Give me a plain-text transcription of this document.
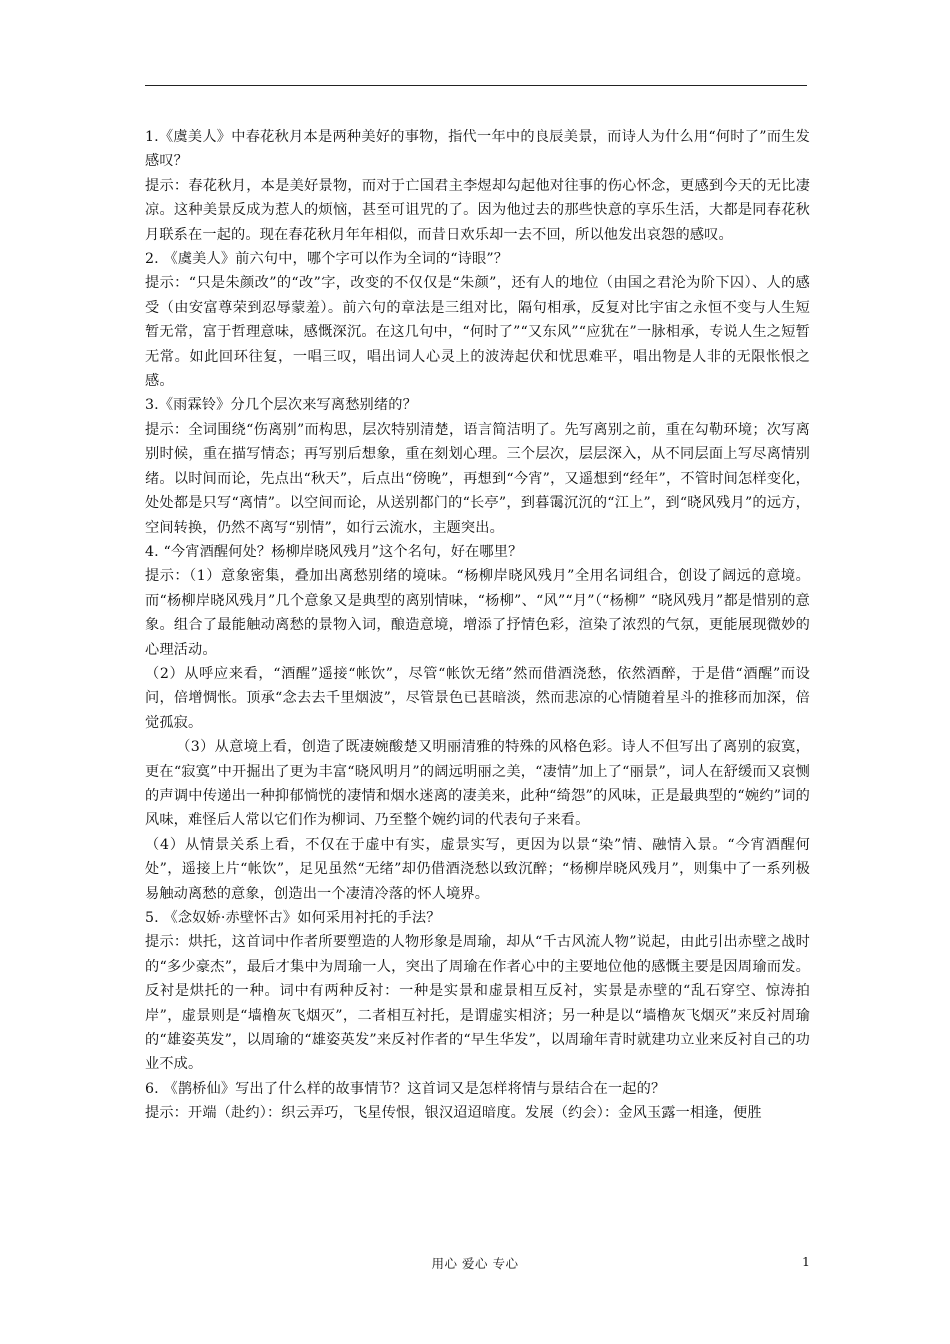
1.《虞美人》中春花秋月本是两种美好的事物，指代一年中的良辰美景，而诗人为什么用“何时了”而生发感叹？

提示：春花秋月，本是美好景物，而对于亡国君主李煜却勾起他对往事的伤心怀念，更感到今天的无比凄凉。这种美景反成为惹人的烦恼，甚至可诅咒的了。因为他过去的那些快意的享乐生活，大都是同春花秋月联系在一起的。现在春花秋月年年相似，而昔日欢乐却一去不回，所以他发出哀怨的感叹。

2. 《虞美人》前六句中，哪个字可以作为全词的“诗眼”？

提示：“只是朱颜改”的“改”字，改变的不仅仅是“朱颜”，还有人的地位（由国之君沦为阶下囚）、人的感受（由安富尊荣到忍辱蒙羞）。前六句的章法是三组对比，隔句相承，反复对比宇宙之永恒不变与人生短暂无常，富于哲理意味，感慨深沉。在这几句中，“何时了”“又东风”“应犹在”一脉相承，专说人生之短暂无常。如此回环往复，一唱三叹，唱出词人心灵上的波涛起伏和忧思难平，唱出物是人非的无限怅恨之感。

3.《雨霖铃》分几个层次来写离愁别绪的？

提示：全词围绕“伤离别”而构思，层次特别清楚，语言简洁明了。先写离别之前，重在勾勒环境；次写离别时候，重在描写情态；再写别后想象，重在刻划心理。三个层次，层层深入，从不同层面上写尽离情别绪。以时间而论，先点出“秋天”，后点出“傍晚”，再想到“今宵”，又遥想到“经年”，不管时间怎样变化，处处都是只写“离情”。以空间而论，从送别都门的“长亭”，到暮霭沉沉的“江上”，到“晓风残月”的远方，空间转换，仍然不离写“别情”，如行云流水，主题突出。

4. “今宵酒醒何处？杨柳岸晓风残月”这个名句，好在哪里？

提示：（1）意象密集，叠加出离愁别绪的境味。“杨柳岸晓风残月”全用名词组合，创设了阔远的意境。而“杨柳岸晓风残月”几个意象又是典型的离别情味，“杨柳”、“风”“月”（“杨柳” “晓风残月”都是惜别的意象。组合了最能触动离愁的景物入词，酿造意境，增添了抒情色彩，渲染了浓烈的气氛，更能展现微妙的心理活动。

（2）从呼应来看，“酒醒”遥接“帐饮”，尽管“帐饮无绪”然而借酒浇愁，依然酒醉，于是借“酒醒”而设问，倍增惆怅。顶承“念去去千里烟波”，尽管景色已甚暗淡，然而悲凉的心情随着星斗的推移而加深，倍觉孤寂。

（3）从意境上看，创造了既凄婉酸楚又明丽清雅的特殊的风格色彩。诗人不但写出了离别的寂寞，更在“寂寞”中开掘出了更为丰富“晓风明月”的阔远明丽之美，“凄情”加上了“丽景”，词人在舒缓而又哀恻的声调中传递出一种抑郁惝恍的凄情和烟水迷离的凄美来，此种“绮怨”的风味，正是最典型的“婉约”词的风味，难怪后人常以它们作为柳词、乃至整个婉约词的代表句子来看。

（4）从情景关系上看，不仅在于虚中有实，虚景实写，更因为以景“染”情、融情入景。“今宵酒醒何处”，遥接上片“帐饮”，足见虽然“无绪”却仍借酒浇愁以致沉醉；“杨柳岸晓风残月”，则集中了一系列极易触动离愁的意象，创造出一个凄清冷落的怀人境界。

5. 《念奴娇·赤壁怀古》如何采用衬托的手法？

提示：烘托，这首词中作者所要塑造的人物形象是周瑜，却从“千古风流人物”说起，由此引出赤壁之战时的“多少豪杰”，最后才集中为周瑜一人，突出了周瑜在作者心中的主要地位他的感慨主要是因周瑜而发。反衬是烘托的一种。词中有两种反衬：一种是实景和虚景相互反衬，实景是赤壁的“乱石穿空、惊涛拍岸”，虚景则是“墙橹灰飞烟灭”，二者相互衬托，是谓虚实相济；另一种是以“墙橹灰飞烟灭”来反衬周瑜的“雄姿英发”，以周瑜的“雄姿英发”来反衬作者的“早生华发”，以周瑜年青时就建功立业来反衬自己的功业不成。

6. 《鹊桥仙》写出了什么样的故事情节？这首词又是怎样将情与景结合在一起的？

提示：开端（赴约）：织云弄巧，飞星传恨，银汉迢迢暗度。发展（约会）：金风玉露一相逢，便胜

用心 爱心 专心	1
